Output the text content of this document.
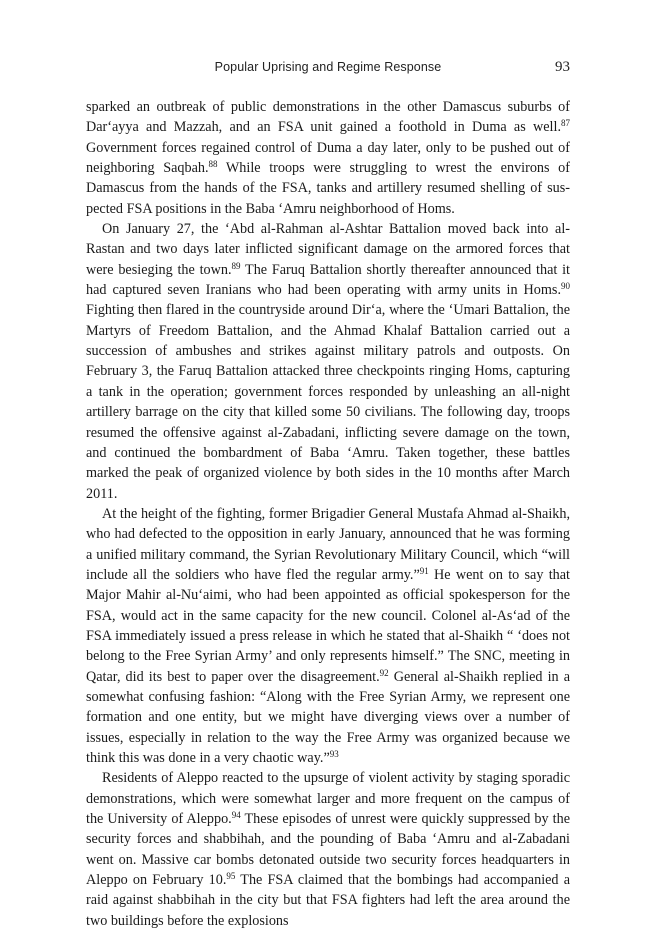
Popular Uprising and Regime Response	93

sparked an outbreak of public demonstrations in the other Damascus suburbs of Dar‘ayya and Mazzah, and an FSA unit gained a foothold in Duma as well.$^{87}$ Government forces regained control of Duma a day later, only to be pushed out of neighboring Saqbah.$^{88}$ While troops were struggling to wrest the environs of Damascus from the hands of the FSA, tanks and artillery resumed shelling of suspected FSA positions in the Baba ‘Amru neighborhood of Homs.

On January 27, the ‘Abd al-Rahman al-Ashtar Battalion moved back into al-Rastan and two days later inflicted significant damage on the armored forces that were besieging the town.$^{89}$ The Faruq Battalion shortly thereafter announced that it had captured seven Iranians who had been operating with army units in Homs.$^{90}$ Fighting then flared in the countryside around Dir‘a, where the ‘Umari Battalion, the Martyrs of Freedom Battalion, and the Ahmad Khalaf Battalion carried out a succession of ambushes and strikes against military patrols and outposts. On February 3, the Faruq Battalion attacked three checkpoints ringing Homs, capturing a tank in the operation; government forces responded by unleashing an all-night artillery barrage on the city that killed some 50 civilians. The following day, troops resumed the offensive against al-Zabadani, inflicting severe damage on the town, and continued the bombardment of Baba ‘Amru. Taken together, these battles marked the peak of organized violence by both sides in the 10 months after March 2011.

At the height of the fighting, former Brigadier General Mustafa Ahmad al-Shaikh, who had defected to the opposition in early January, announced that he was forming a unified military command, the Syrian Revolutionary Military Council, which “will include all the soldiers who have fled the regular army.”$^{91}$ He went on to say that Major Mahir al-Nu‘aimi, who had been appointed as official spokesperson for the FSA, would act in the same capacity for the new council. Colonel al-As‘ad of the FSA immediately issued a press release in which he stated that al-Shaikh “ ‘does not belong to the Free Syrian Army’ and only represents himself.” The SNC, meeting in Qatar, did its best to paper over the disagreement.$^{92}$ General al-Shaikh replied in a somewhat confusing fashion: “Along with the Free Syrian Army, we represent one formation and one entity, but we might have diverging views over a number of issues, especially in relation to the way the Free Army was organized because we think this was done in a very chaotic way.”$^{93}$

Residents of Aleppo reacted to the upsurge of violent activity by staging sporadic demonstrations, which were somewhat larger and more frequent on the campus of the University of Aleppo.$^{94}$ These episodes of unrest were quickly suppressed by the security forces and shabbihah, and the pounding of Baba ‘Amru and al-Zabadani went on. Massive car bombs detonated outside two security forces headquarters in Aleppo on February 10.95 The FSA claimed that the bombings had accompanied a raid against shabbihah in the city but that FSA fighters had left the area around the two buildings before the explosions
